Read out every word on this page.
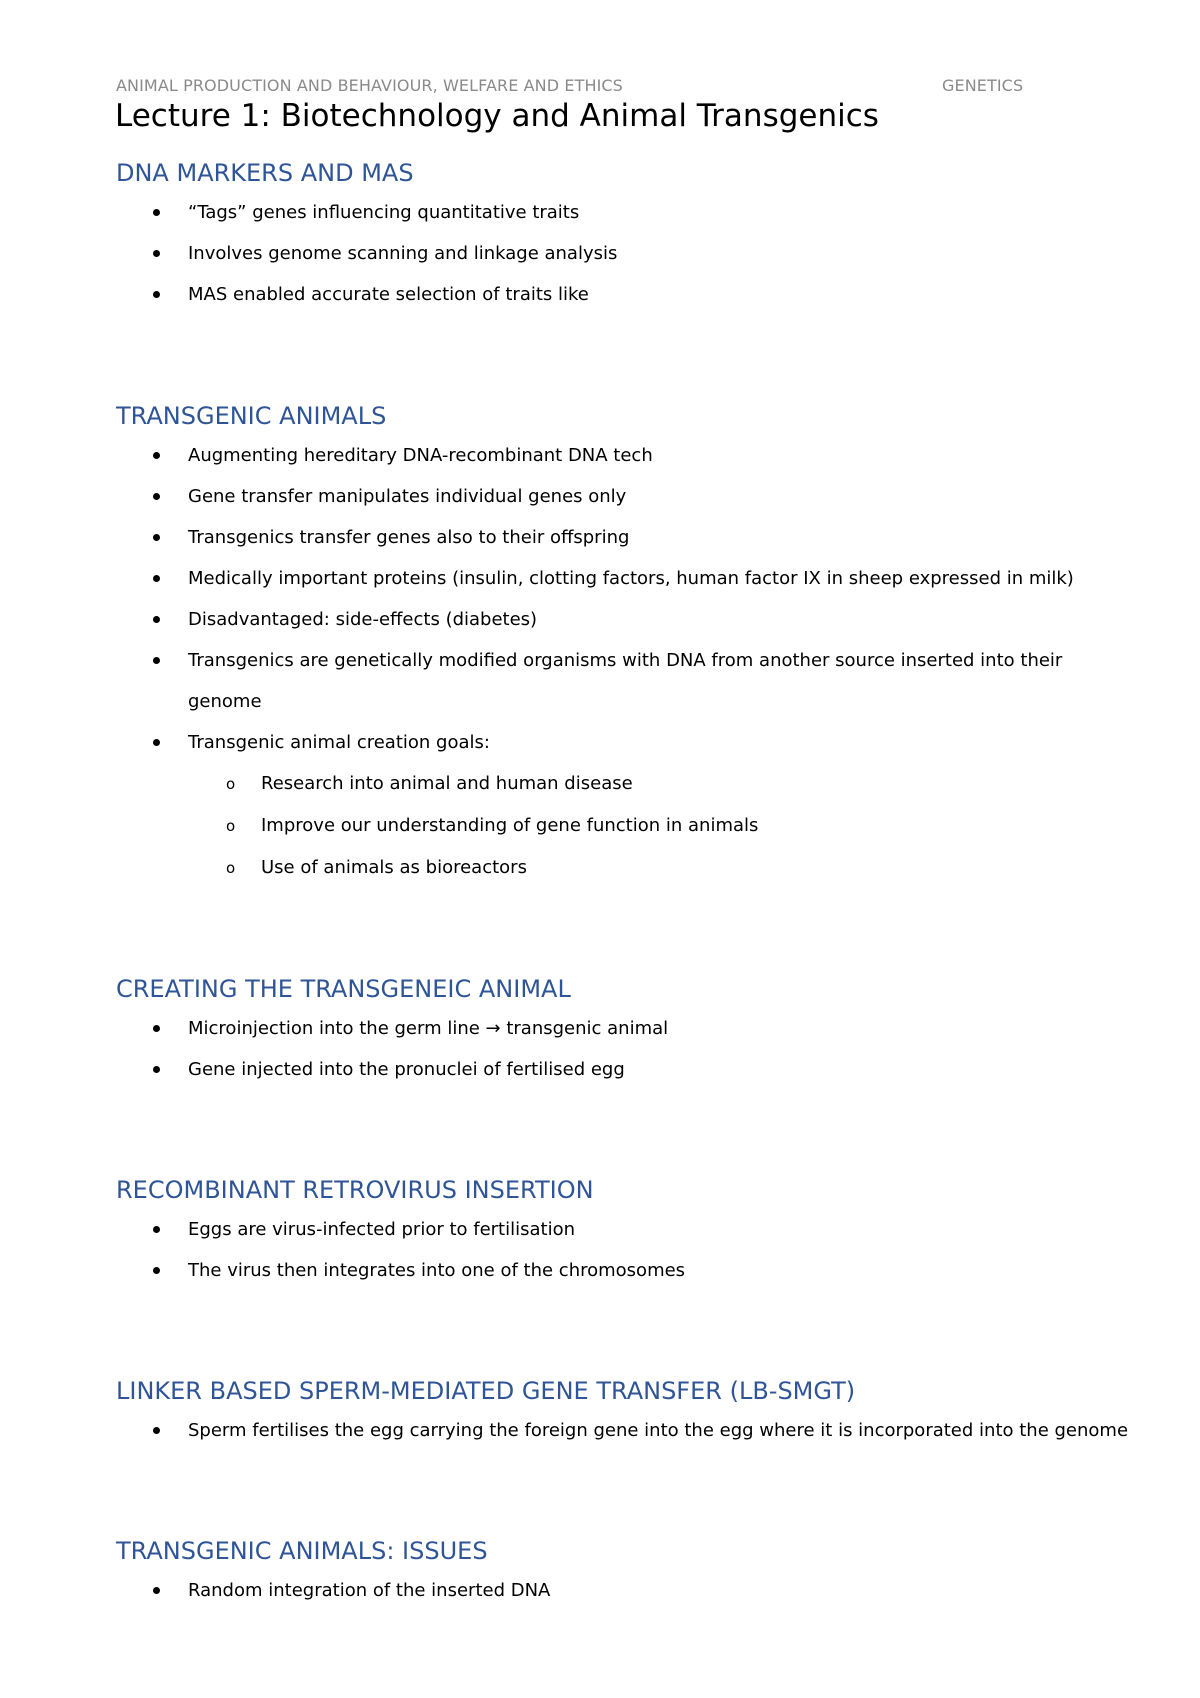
ANIMAL PRODUCTION AND BEHAVIOUR, WELFARE AND ETHICS	GENETICS
Lecture 1: Biotechnology and Animal Transgenics
DNA MARKERS AND MAS
“Tags” genes influencing quantitative traits
Involves genome scanning and linkage analysis
MAS enabled accurate selection of traits like
TRANSGENIC ANIMALS
Augmenting hereditary DNA-recombinant DNA tech
Gene transfer manipulates individual genes only
Transgenics transfer genes also to their offspring
Medically important proteins (insulin, clotting factors, human factor IX in sheep expressed in milk)
Disadvantaged: side-effects (diabetes)
Transgenics are genetically modified organisms with DNA from another source inserted into their
genome
Transgenic animal creation goals:
o Research into animal and human disease
o Improve our understanding of gene function in animals
o Use of animals as bioreactors
CREATING THE TRANSGENEIC ANIMAL
Microinjection into the germ line → transgenic animal
Gene injected into the pronuclei of fertilised egg
RECOMBINANT RETROVIRUS INSERTION
Eggs are virus-infected prior to fertilisation
The virus then integrates into one of the chromosomes
LINKER BASED SPERM-MEDIATED GENE TRANSFER (LB-SMGT)
Sperm fertilises the egg carrying the foreign gene into the egg where it is incorporated into the genome
TRANSGENIC ANIMALS: ISSUES
Random integration of the inserted DNA
